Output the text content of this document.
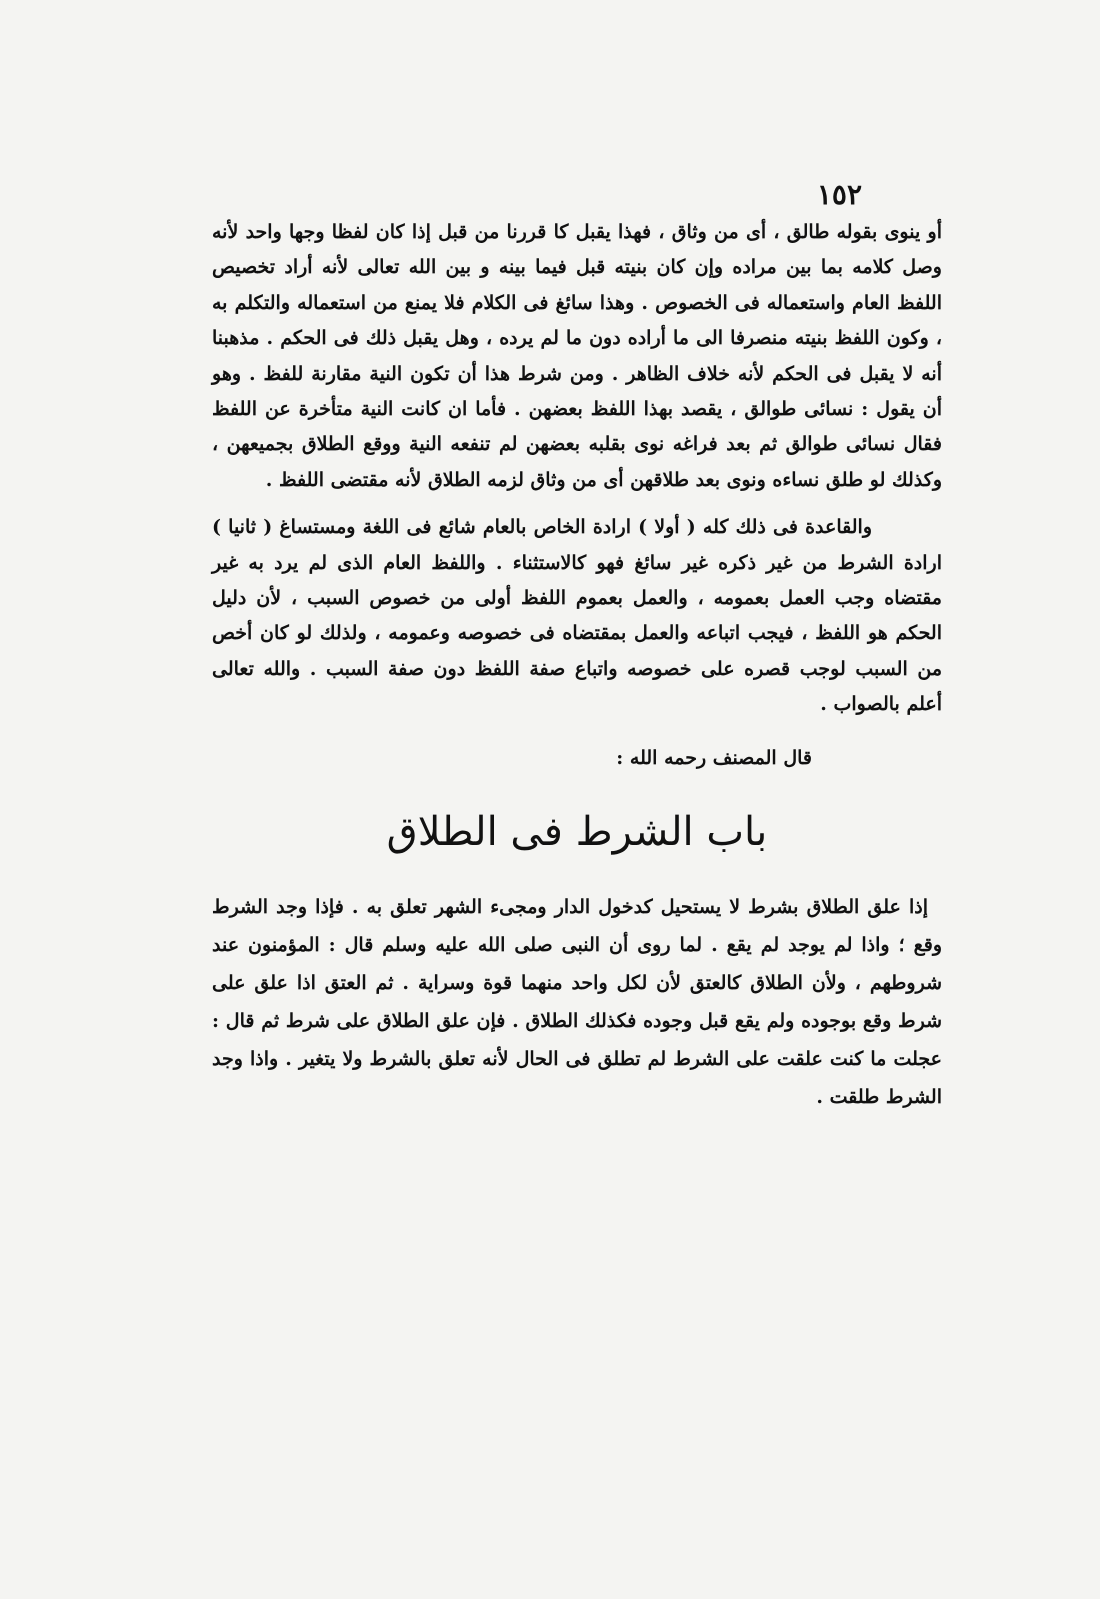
١٥٢

أو ينوى بقوله طالق ، أى من وثاق ، فهذا يقبل كا قررنا من قبل إذا كان لفظا وجها واحد لأنه وصل كلامه بما بين مراده وإن كان بنيته قبل فيما بينه و بين الله تعالى لأنه أراد تخصيص اللفظ العام واستعماله فى الخصوص . وهذا سائغ فى الكلام فلا يمنع من استعماله والتكلم به ، وكون اللفظ بنيته منصرفا الى ما أراده دون ما لم يرده ، وهل يقبل ذلك فى الحكم . مذهبنا أنه لا يقبل فى الحكم لأنه خلاف الظاهر . ومن شرط هذا أن تكون النية مقارنة للفظ . وهو أن يقول : نسائى طوالق ، يقصد بهذا اللفظ بعضهن . فأما ان كانت النية متأخرة عن اللفظ فقال نسائى طوالق ثم بعد فراغه نوى بقلبه بعضهن لم تنفعه النية ووقع الطلاق بجميعهن ، وكذلك لو طلق نساءه ونوى بعد طلاقهن أى من وثاق لزمه الطلاق لأنه مقتضى اللفظ .

والقاعدة فى ذلك كله ( أولا ) ارادة الخاص بالعام شائع فى اللغة ومستساغ ( ثانيا ) ارادة الشرط من غير ذكره غير سائغ فهو كالاستثناء . واللفظ العام الذى لم يرد به غير مقتضاه وجب العمل بعمومه ، والعمل بعموم اللفظ أولى من خصوص السبب ، لأن دليل الحكم هو اللفظ ، فيجب اتباعه والعمل بمقتضاه فى خصوصه وعمومه ، ولذلك لو كان أخص من السبب لوجب قصره على خصوصه واتباع صفة اللفظ دون صفة السبب . والله تعالى أعلم بالصواب .

قال المصنف رحمه الله :

باب الشرط فى الطلاق

إذا علق الطلاق بشرط لا يستحيل كدخول الدار ومجىء الشهر تعلق به . فإذا وجد الشرط وقع ؛ واذا لم يوجد لم يقع . لما روى أن النبى صلى الله عليه وسلم قال : المؤمنون عند شروطهم ، ولأن الطلاق كالعتق لأن لكل واحد منهما قوة وسراية . ثم العتق اذا علق على شرط وقع بوجوده ولم يقع قبل وجوده فكذلك الطلاق . فإن علق الطلاق على شرط ثم قال : عجلت ما كنت علقت على الشرط لم تطلق فى الحال لأنه تعلق بالشرط ولا يتغير . واذا وجد الشرط طلقت .
